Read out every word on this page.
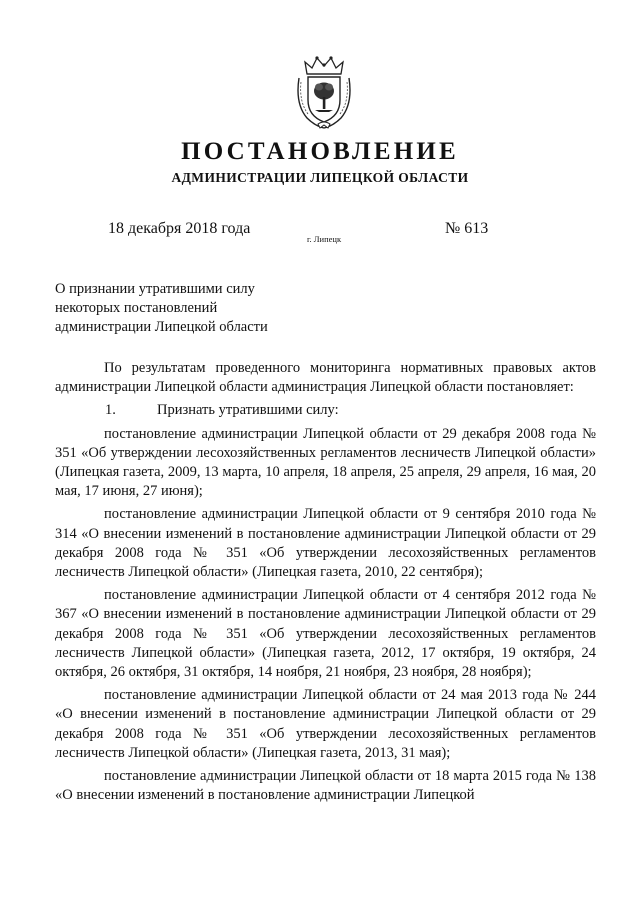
ПОСТАНОВЛЕНИЕ
АДМИНИСТРАЦИИ ЛИПЕЦКОЙ ОБЛАСТИ
18 декабря 2018 года
г. Липецк
№ 613
О признании утратившими силу
некоторых постановлений
администрации Липецкой области

По результатам проведенного мониторинга нормативных правовых актов администрации Липецкой области администрация Липецкой области постановляет:

1.	Признать утратившими силу:

постановление администрации Липецкой области от 29 декабря 2008 года № 351 «Об утверждении лесохозяйственных регламентов лесничеств Липецкой области» (Липецкая газета, 2009, 13 марта, 10 апреля, 18 апреля, 25 апреля, 29 апреля, 16 мая, 20 мая, 17 июня, 27 июня);

постановление администрации Липецкой области от 9 сентября 2010 года № 314 «О внесении изменений в постановление администрации Липецкой области от 29 декабря 2008 года № 351 «Об утверждении лесохозяйственных регламентов лесничеств Липецкой области» (Липецкая газета, 2010, 22 сентября);

постановление администрации Липецкой области от 4 сентября 2012 года № 367 «О внесении изменений в постановление администрации Липецкой области от 29 декабря 2008 года № 351 «Об утверждении лесохозяйственных регламентов лесничеств Липецкой области» (Липецкая газета, 2012, 17 октября, 19 октября, 24 октября, 26 октября, 31 октября, 14 ноября, 21 ноября, 23 ноября, 28 ноября);

постановление администрации Липецкой области от 24 мая 2013 года № 244 «О внесении изменений в постановление администрации Липецкой области от 29 декабря 2008 года № 351 «Об утверждении лесохозяйственных регламентов лесничеств Липецкой области» (Липецкая газета, 2013, 31 мая);

постановление администрации Липецкой области от 18 марта 2015 года № 138 «О внесении изменений в постановление администрации Липецкой
